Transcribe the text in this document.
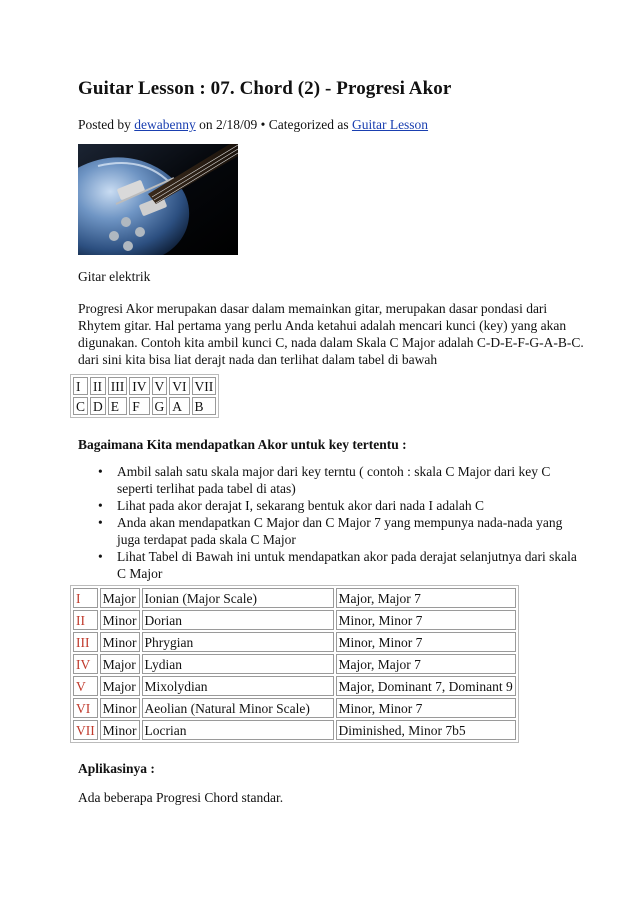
Guitar Lesson : 07. Chord (2) - Progresi Akor
Posted by dewabenny on 2/18/09 • Categorized as Guitar Lesson
Gitar elektrik
Progresi Akor merupakan dasar dalam memainkan gitar, merupakan dasar pondasi dari
Rhytem gitar. Hal pertama yang perlu Anda ketahui adalah mencari kunci (key) yang akan
digunakan. Contoh kita ambil kunci C, nada dalam Skala C Major adalah C-D-E-F-G-A-B-C.
dari sini kita bisa liat derajt nada dan terlihat dalam tabel di bawah
I	II	III	IV	V	VI	VII
C	D	E	F	G	A	B
Bagaimana Kita mendapatkan Akor untuk key tertentu :
• Ambil salah satu skala major dari key terntu ( contoh : skala C Major dari key C
seperti terlihat pada tabel di atas)
• Lihat pada akor derajat I, sekarang bentuk akor dari nada I adalah C
• Anda akan mendapatkan C Major dan C Major 7 yang mempunya nada-nada yang
juga terdapat pada skala C Major
• Lihat Tabel di Bawah ini untuk mendapatkan akor pada derajat selanjutnya dari skala
C Major
I	Major	Ionian (Major Scale)	Major, Major 7
II	Minor	Dorian	Minor, Minor 7
III	Minor	Phrygian	Minor, Minor 7
IV	Major	Lydian	Major, Major 7
V	Major	Mixolydian	Major, Dominant 7, Dominant 9
VI	Minor	Aeolian (Natural Minor Scale)	Minor, Minor 7
VII	Minor	Locrian	Diminished, Minor 7b5
Aplikasinya :
Ada beberapa Progresi Chord standar.
